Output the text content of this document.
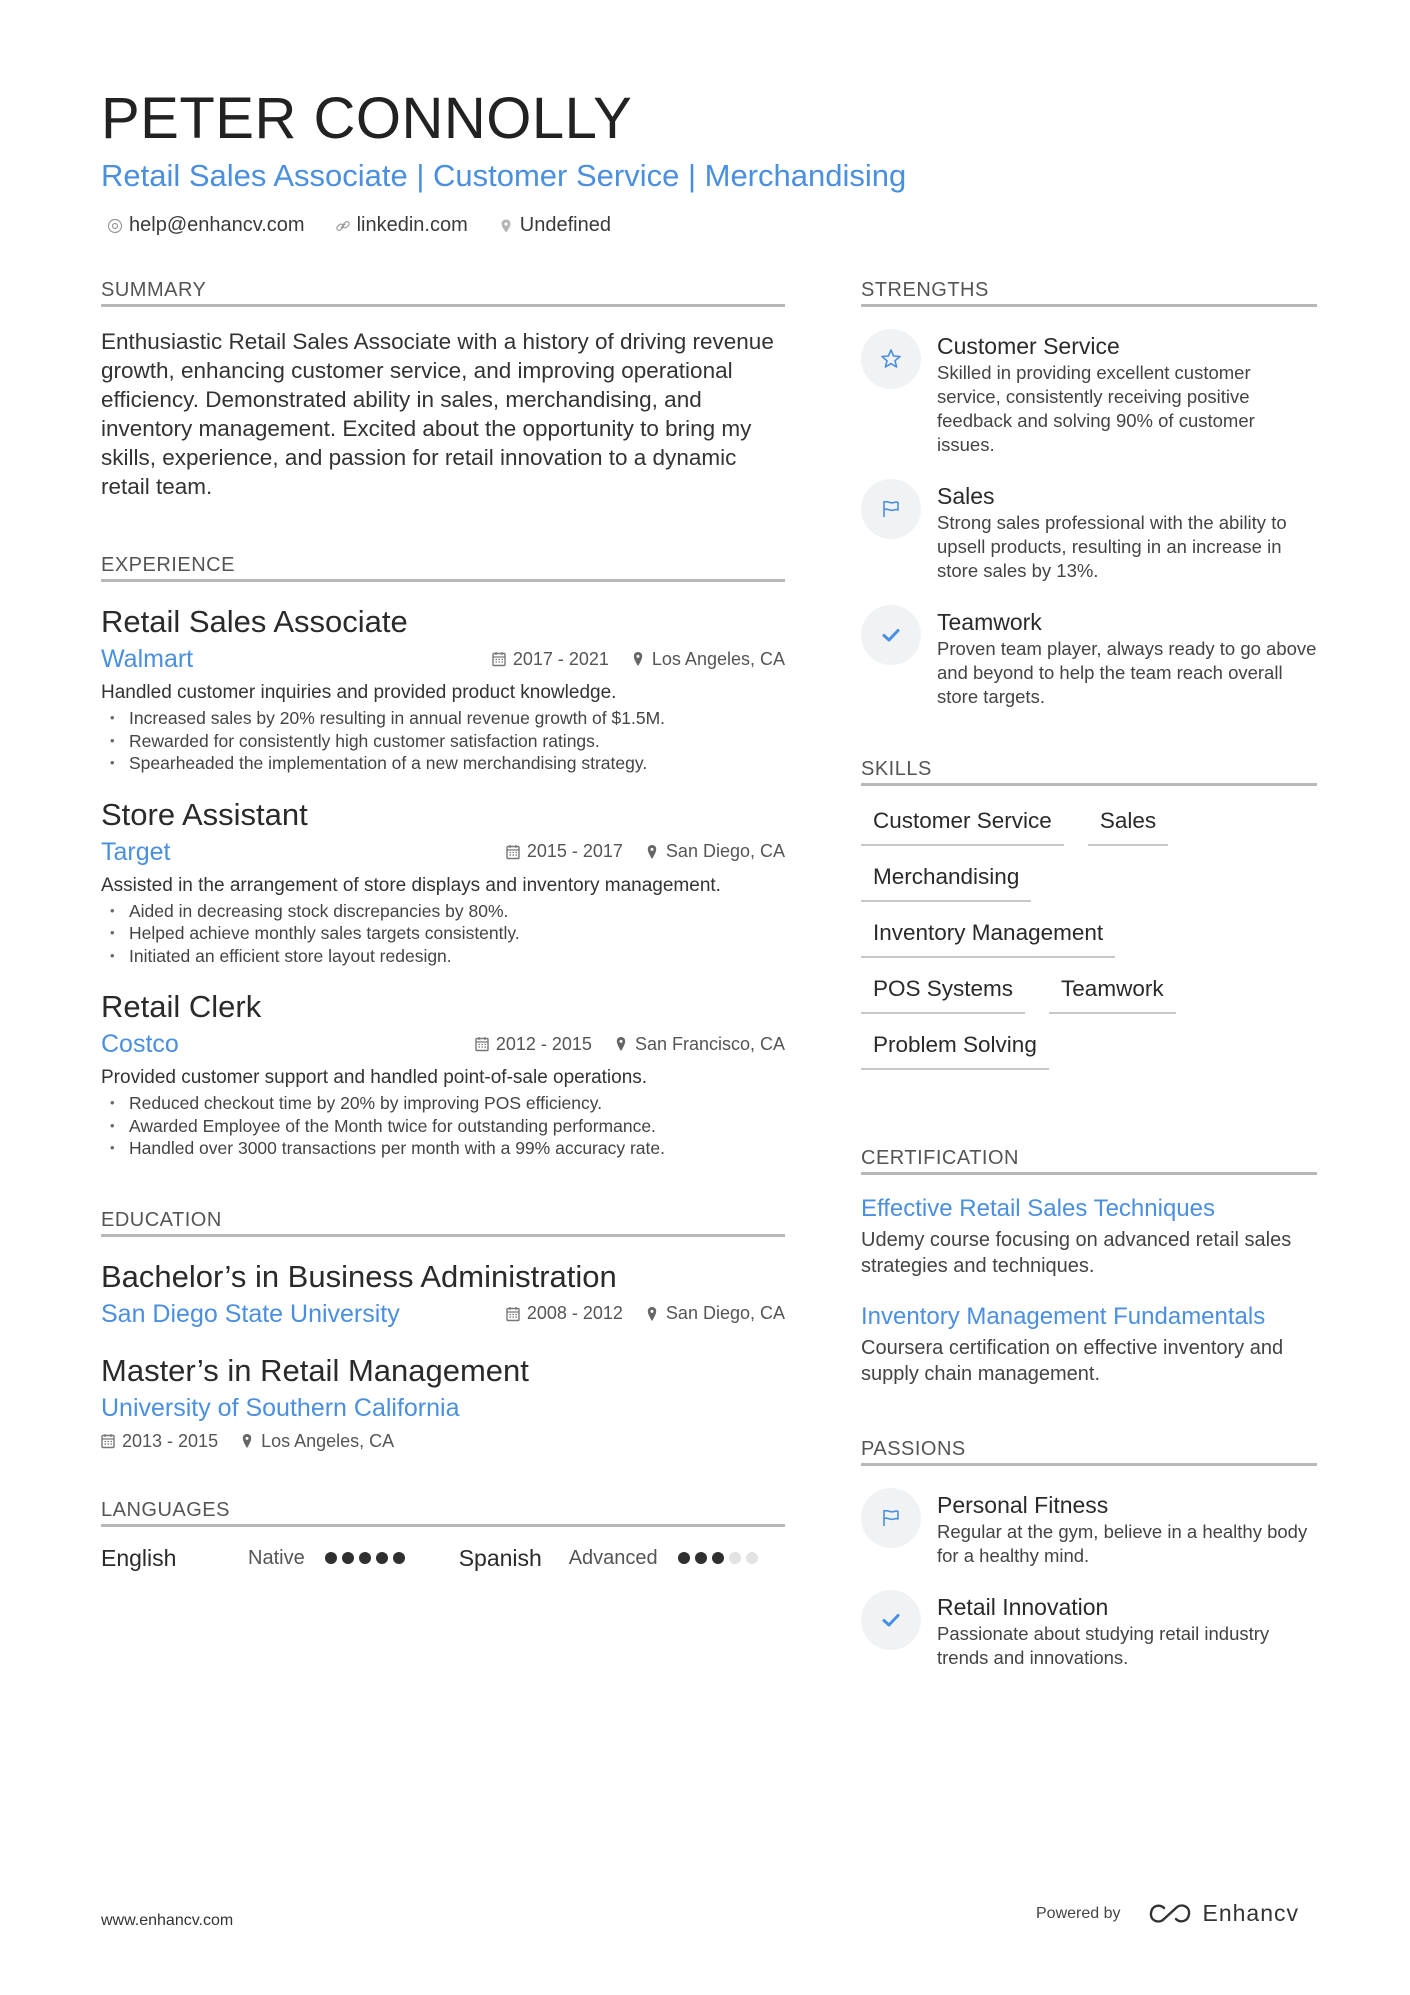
PETER CONNOLLY
Retail Sales Associate | Customer Service | Merchandising
help@enhancv.com	linkedin.com	Undefined
SUMMARY

Enthusiastic Retail Sales Associate with a history of driving revenue growth, enhancing customer service, and improving operational efficiency. Demonstrated ability in sales, merchandising, and inventory management. Excited about the opportunity to bring my skills, experience, and passion for retail innovation to a dynamic retail team.

EXPERIENCE
Retail Sales Associate
Walmart	2017 - 2021 Los Angeles, CA
Handled customer inquiries and provided product knowledge.
• Increased sales by 20% resulting in annual revenue growth of $1.5M.
• Rewarded for consistently high customer satisfaction ratings.
• Spearheaded the implementation of a new merchandising strategy.
Store Assistant
Target	2015 - 2017 San Diego, CA
Assisted in the arrangement of store displays and inventory management.
• Aided in decreasing stock discrepancies by 80%.
• Helped achieve monthly sales targets consistently.
• Initiated an efficient store layout redesign.
Retail Clerk
Costco	2012 - 2015 San Francisco, CA
Provided customer support and handled point-of-sale operations.
• Reduced checkout time by 20% by improving POS efficiency.
• Awarded Employee of the Month twice for outstanding performance.
• Handled over 3000 transactions per month with a 99% accuracy rate.
EDUCATION
Bachelor’s in Business Administration
San Diego State University	2008 - 2012 San Diego, CA
Master’s in Retail Management
University of Southern California
2013 - 2015 Los Angeles, CA
LANGUAGES
English	Native	Spanish	Advanced
STRENGTHS
Customer Service
Skilled in providing excellent customer service, consistently receiving positive feedback and solving 90% of customer issues.
Sales
Strong sales professional with the ability to upsell products, resulting in an increase in store sales by 13%.
Teamwork
Proven team player, always ready to go above and beyond to help the team reach overall store targets.
SKILLS
Customer Service	Sales
Merchandising
Inventory Management
POS Systems	Teamwork
Problem Solving
CERTIFICATION
Effective Retail Sales Techniques
Udemy course focusing on advanced retail sales strategies and techniques.
Inventory Management Fundamentals
Coursera certification on effective inventory and supply chain management.
PASSIONS
Personal Fitness
Regular at the gym, believe in a healthy body for a healthy mind.
Retail Innovation
Passionate about studying retail industry trends and innovations.
www.enhancv.com	Powered by	Enhancv
